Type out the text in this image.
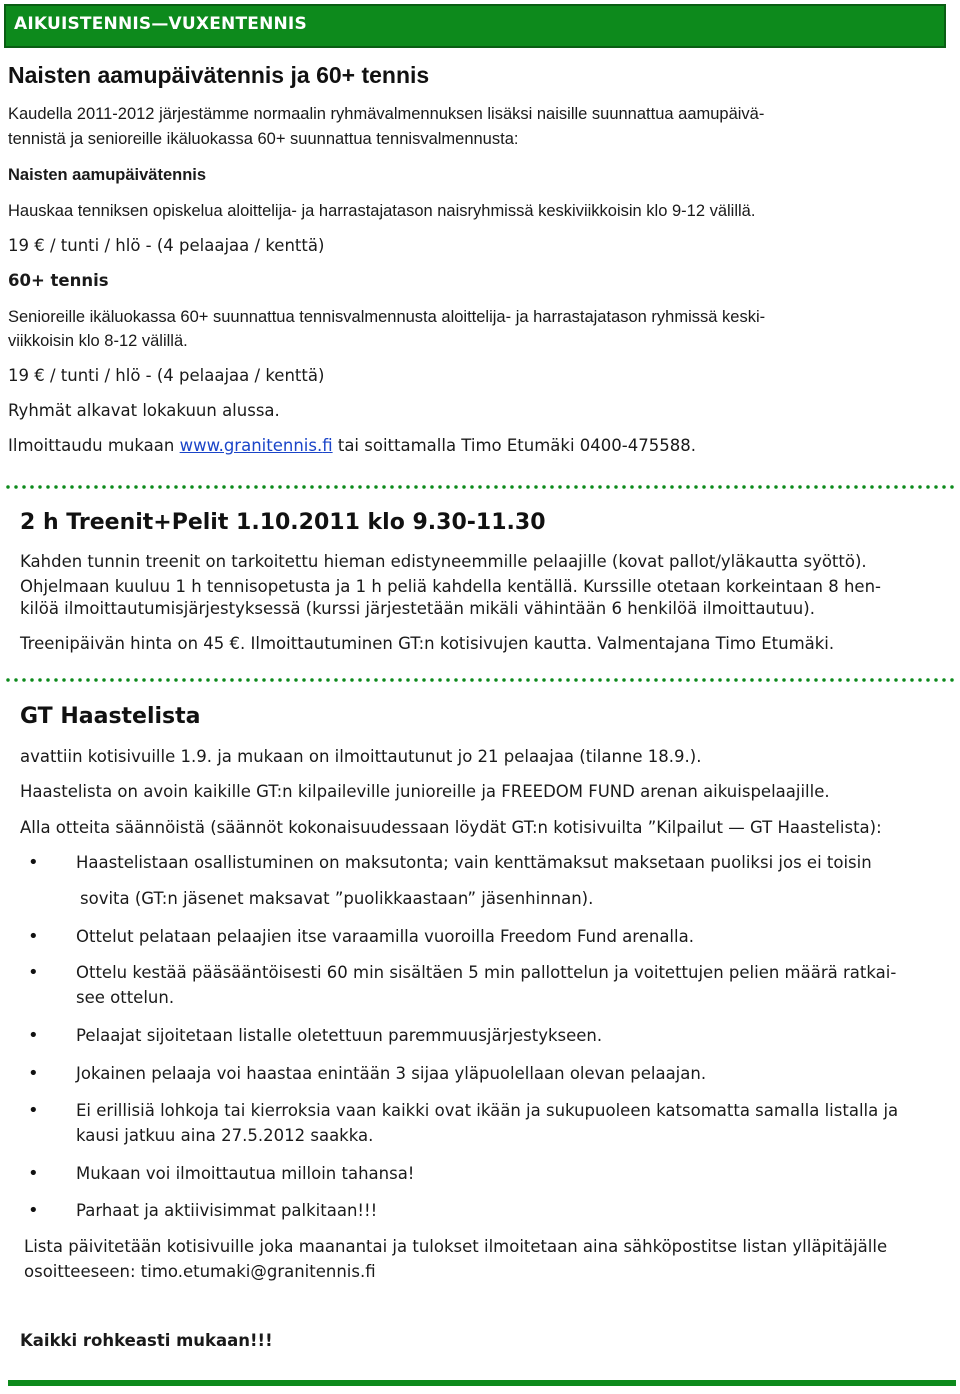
AIKUISTENNIS—VUXENTENNIS
Naisten aamupäivätennis ja 60+ tennis
Kaudella 2011-2012 järjestämme normaalin ryhmävalmennuksen lisäksi naisille suunnattua aamupäivä-
tennistä ja senioreille ikäluokassa 60+ suunnattua tennisvalmennusta:
Naisten aamupäivätennis
Hauskaa tenniksen opiskelua aloittelija- ja harrastajatason naisryhmissä keskiviikkoisin klo 9-12 välillä.
19 € / tunti / hlö - (4 pelaajaa / kenttä)
60+ tennis
Senioreille ikäluokassa 60+ suunnattua tennisvalmennusta aloittelija- ja harrastajatason ryhmissä keski-
viikkoisin klo 8-12 välillä.
19 € / tunti / hlö - (4 pelaajaa / kenttä)
Ryhmät alkavat lokakuun alussa.
Ilmoittaudu mukaan www.granitennis.fi tai soittamalla Timo Etumäki 0400-475588.
2 h Treenit+Pelit 1.10.2011 klo 9.30-11.30
Kahden tunnin treenit on tarkoitettu hieman edistyneemmille pelaajille (kovat pallot/yläkautta syöttö).
Ohjelmaan kuuluu 1 h tennisopetusta ja 1 h peliä kahdella kentällä. Kurssille otetaan korkeintaan 8 hen-
kilöä ilmoittautumisjärjestyksessä (kurssi järjestetään mikäli vähintään 6 henkilöä ilmoittautuu).
Treenipäivän hinta on 45 €. Ilmoittautuminen GT:n kotisivujen kautta. Valmentajana Timo Etumäki.
GT Haastelista
avattiin kotisivuille 1.9. ja mukaan on ilmoittautunut jo 21 pelaajaa (tilanne 18.9.).
Haastelista on avoin kaikille GT:n kilpaileville junioreille ja FREEDOM FUND arenan aikuispelaajille.
Alla otteita säännöistä (säännöt kokonaisuudessaan löydät GT:n kotisivuilta ”Kilpailut — GT Haastelista):
• Haastelistaan osallistuminen on maksutonta; vain kenttämaksut maksetaan puoliksi jos ei toisin
sovita (GT:n jäsenet maksavat ”puolikkaastaan” jäsenhinnan).
• Ottelut pelataan pelaajien itse varaamilla vuoroilla Freedom Fund arenalla.
• Ottelu kestää pääsääntöisesti 60 min sisältäen 5 min pallottelun ja voitettujen pelien määrä ratkai-
see ottelun.
• Pelaajat sijoitetaan listalle oletettuun paremmuusjärjestykseen.
• Jokainen pelaaja voi haastaa enintään 3 sijaa yläpuolellaan olevan pelaajan.
• Ei erillisiä lohkoja tai kierroksia vaan kaikki ovat ikään ja sukupuoleen katsomatta samalla listalla ja
kausi jatkuu aina 27.5.2012 saakka.
• Mukaan voi ilmoittautua milloin tahansa!
• Parhaat ja aktiivisimmat palkitaan!!!
Lista päivitetään kotisivuille joka maanantai ja tulokset ilmoitetaan aina sähköpostitse listan ylläpitäjälle
osoitteeseen: timo.etumaki@granitennis.fi
Kaikki rohkeasti mukaan!!!
